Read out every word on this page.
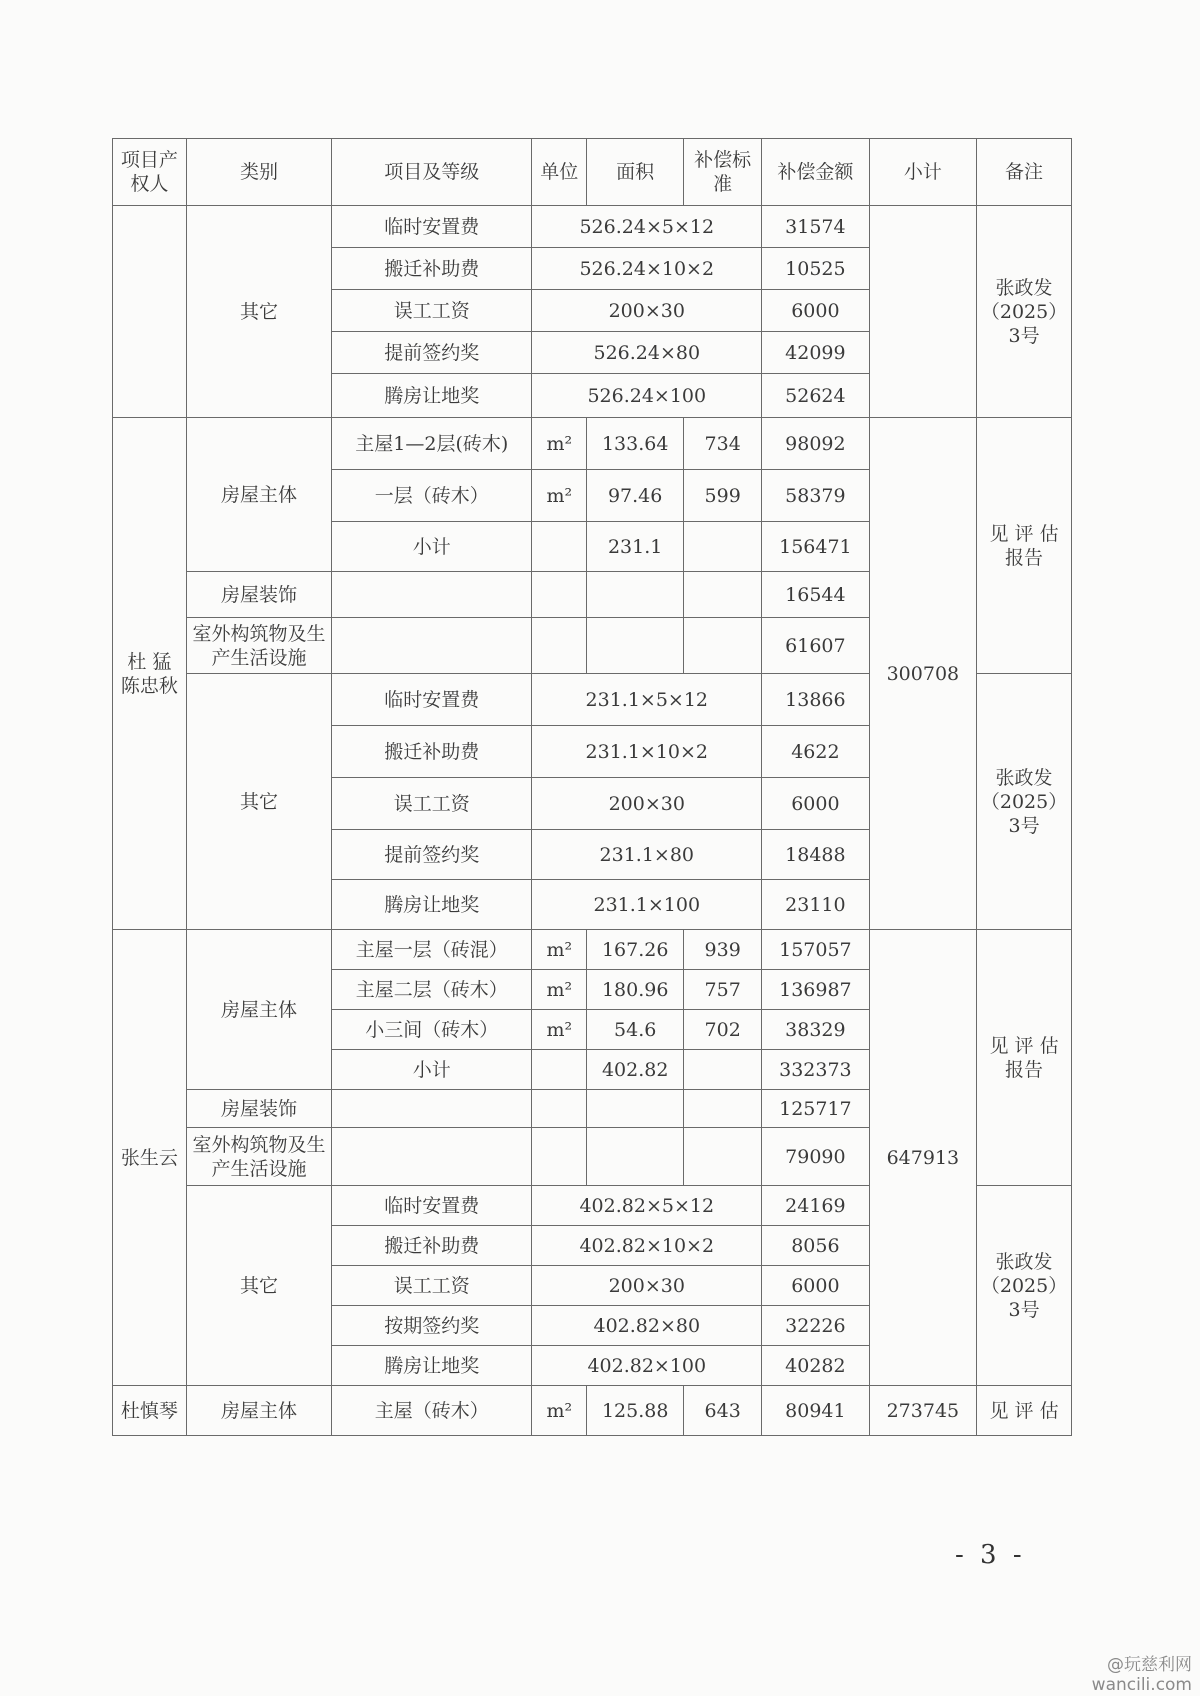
项目产权人	类别	项目及等级	单位	面积	补偿标准	补偿金额	小计	备注
	其它	临时安置费	526.24×5×12			31574		张政发（2025）3号
		搬迁补助费	526.24×10×2			10525		
		误工工资	200×30			6000		
		提前签约奖	526.24×80			42099		
		腾房让地奖	526.24×100			52624		
杜 猛 陈忠秋	房屋主体	主屋1—2层(砖木)	m²	133.64	734	98092	300708	见 评 估 报告
		一层（砖木）	m²	97.46	599	58379		
		小计		231.1		156471		
	房屋装饰					16544		
	室外构筑物及生产生活设施					61607		
	其它	临时安置费	231.1×5×12			13866		张政发（2025）3号
		搬迁补助费	231.1×10×2			4622		
		误工工资	200×30			6000		
		提前签约奖	231.1×80			18488		
		腾房让地奖	231.1×100			23110		
张生云	房屋主体	主屋一层（砖混）	m²	167.26	939	157057	647913	见 评 估 报告
		主屋二层（砖木）	m²	180.96	757	136987		
		小三间（砖木）	m²	54.6	702	38329		
		小计		402.82		332373		
	房屋装饰					125717		
	室外构筑物及生产生活设施					79090		
	其它	临时安置费	402.82×5×12			24169		张政发（2025）3号
		搬迁补助费	402.82×10×2			8056		
		误工工资	200×30			6000		
		按期签约奖	402.82×80			32226		
		腾房让地奖	402.82×100			40282		
杜慎琴	房屋主体	主屋（砖木）	m²	125.88	643	80941	273745	见 评 估
- 3 -
@玩慈利网
wancili.com
